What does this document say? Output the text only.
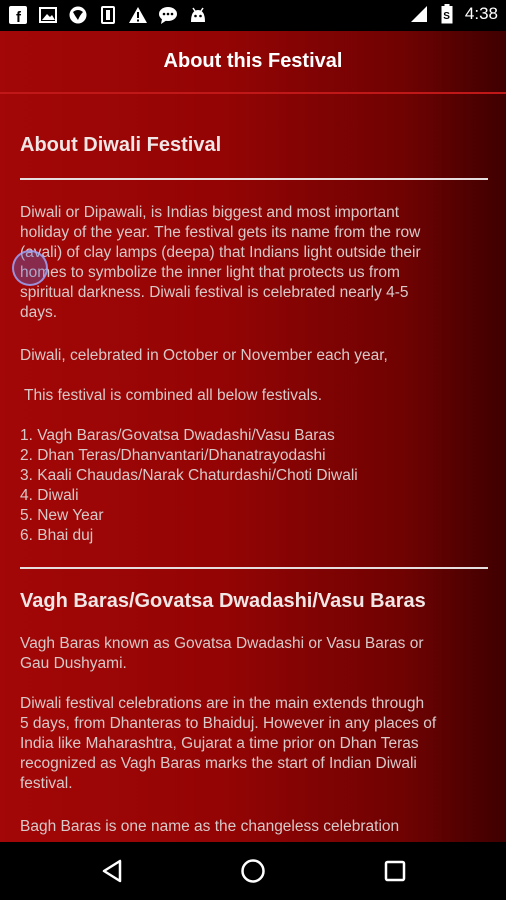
f	S 4:38
About this Festival
About Diwali Festival
Diwali or Dipawali, is Indias biggest and most important
holiday of the year. The festival gets its name from the row
(avali) of clay lamps (deepa) that Indians light outside their
homes to symbolize the inner light that protects us from
spiritual darkness. Diwali festival is celebrated nearly 4-5
days.
Diwali, celebrated in October or November each year,
This festival is combined all below festivals.
1. Vagh Baras/Govatsa Dwadashi/Vasu Baras
2. Dhan Teras/Dhanvantari/Dhanatrayodashi
3. Kaali Chaudas/Narak Chaturdashi/Choti Diwali
4. Diwali
5. New Year
6. Bhai duj
Vagh Baras/Govatsa Dwadashi/Vasu Baras
Vagh Baras known as Govatsa Dwadashi or Vasu Baras or
Gau Dushyami.
Diwali festival celebrations are in the main extends through
5 days, from Dhanteras to Bhaiduj. However in any places of
India like Maharashtra, Gujarat a time prior on Dhan Teras
recognized as Vagh Baras marks the start of Indian Diwali
festival.
Bagh Baras is one name as the changeless celebration
